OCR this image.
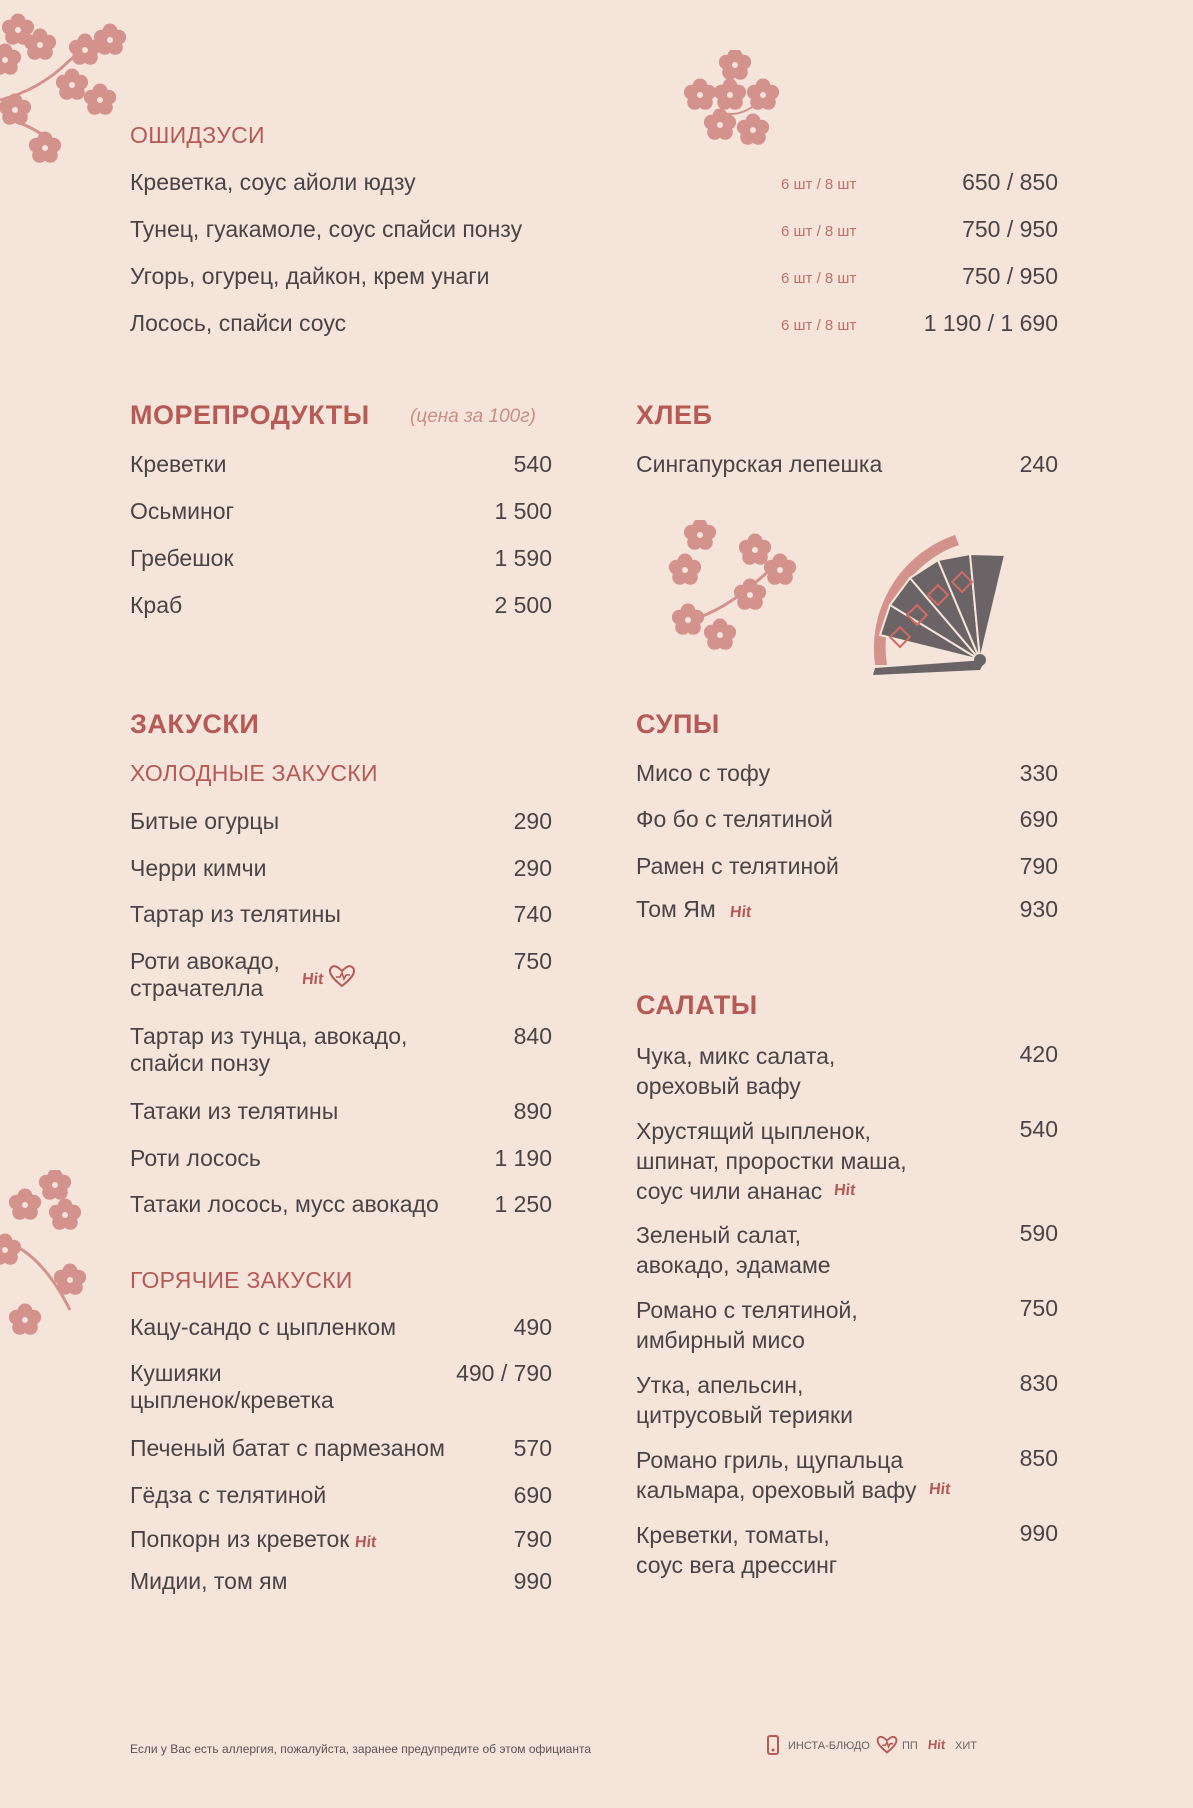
ОШИДЗУСИ
Креветка, соус айоли юдзу	6 шт / 8 шт	650 / 850
Тунец, гуакамоле, соус спайси понзу	6 шт / 8 шт	750 / 950
Угорь, огурец, дайкон, крем унаги	6 шт / 8 шт	750 / 950
Лосось, спайси соус	6 шт / 8 шт	1 190 / 1 690
МОРЕПРОДУКТЫ (цена за 100г)
Креветки	540
Осьминог	1 500
Гребешок	1 590
Краб	2 500
ХЛЕБ
Сингапурская лепешка	240
ЗАКУСКИ
ХОЛОДНЫЕ ЗАКУСКИ
Битые огурцы	290
Черри кимчи	290
Тартар из телятины	740
Роти авокадо,
страчателла	Hit
750
Тартар из тунца, авокадо,
спайси понзу
840
Татаки из телятины	890
Роти лосось	1 190
Татаки лосось, мусс авокадо 1 250
ГОРЯЧИЕ ЗАКУСКИ
Кацу-сандо с цыпленком	490
Кушияки
цыпленок/креветка
490 / 790
Печеный батат с пармезаном	570
Гёдза с телятиной	690
Попкорн из креветок Hit	790
Мидии, том ям	990
СУПЫ
Мисо с тофу	330
Фо бо с телятиной	690
Рамен с телятиной	790
Том Ям Hit	930
САЛАТЫ
Чука, микс салата,
ореховый вафу
420
Хрустящий цыпленок,
шпинат, проростки маша,
соус чили ананас Hit
540
Зеленый салат,
авокадо, эдамаме
590
Романо с телятиной,
имбирный мисо
750
Утка, апельсин,
цитрусовый терияки
830
Романо гриль, щупальца
кальмара, ореховый вафу Hit
850
Креветки, томаты,
соус вега дрессинг
990
Если у Вас есть аллергия, пожалуйста, заранее предупредите об этом официанта	ИНСТА-БЛЮДО	ПП Hit ХИТ
